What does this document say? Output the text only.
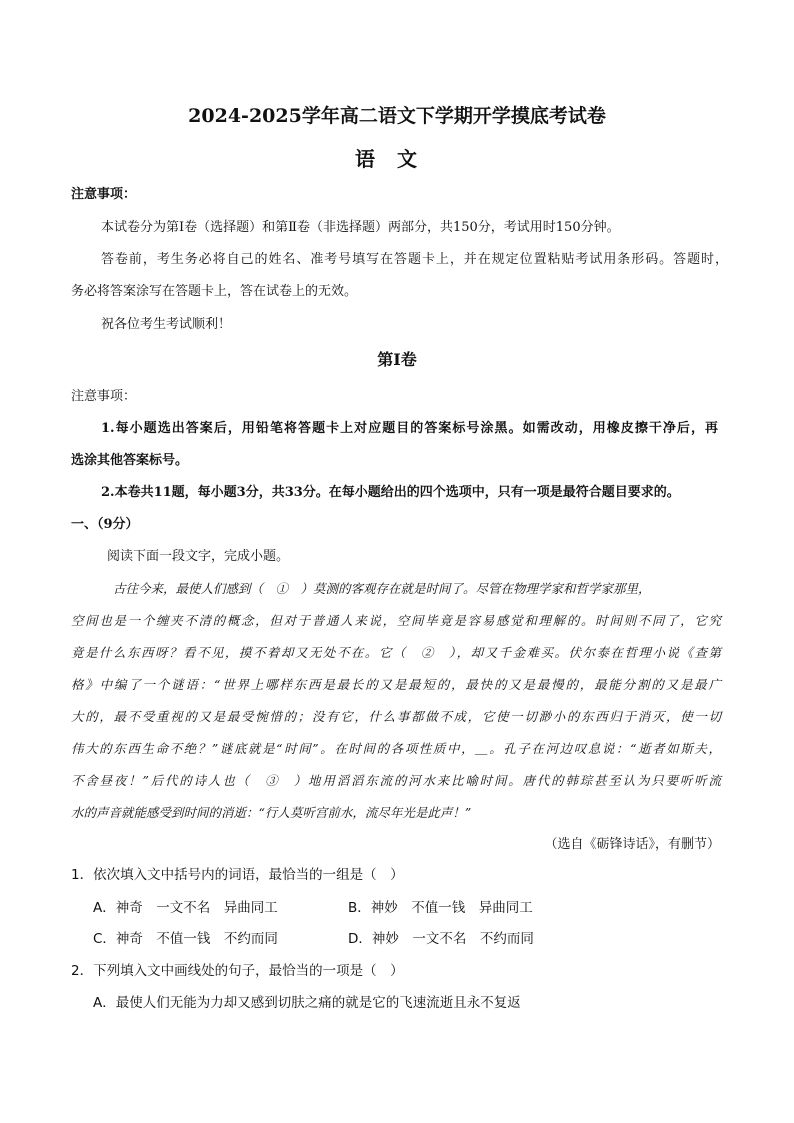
2024-2025学年高二语文下学期开学摸底考试卷
语文
注意事项：
本试卷分为第Ⅰ卷（选择题）和第Ⅱ卷（非选择题）两部分，共150分，考试用时150分钟。
答卷前，考生务必将自己的姓名、准考号填写在答题卡上，并在规定位置粘贴考试用条形码。答题时，
务必将答案涂写在答题卡上，答在试卷上的无效。
祝各位考生考试顺利！
第Ⅰ卷
注意事项：
1.每小题选出答案后，用铅笔将答题卡上对应题目的答案标号涂黑。如需改动，用橡皮擦干净后，再
选涂其他答案标号。
2.本卷共11题，每小题3分，共33分。在每小题给出的四个选项中，只有一项是最符合题目要求的。
一、（9分）
阅读下面一段文字，完成小题。
古往今来，最使人们感到（　①　）莫测的客观存在就是时间了。尽管在物理学家和哲学家那里，
空间也是一个缠夹不清的概念，但对于普通人来说，空间毕竟是容易感觉和理解的。时间则不同了，它究
竟是什么东西呀？看不见，摸不着却又无处不在。它（　②　），却又千金难买。伏尔泰在哲理小说《查第
格》中编了一个谜语：“世界上哪样东西是最长的又是最短的，最快的又是最慢的，最能分割的又是最广
大的，最不受重视的又是最受惋惜的；没有它，什么事都做不成，它使一切渺小的东西归于消灭，使一切
伟大的东西生命不绝？”谜底就是“时间”。在时间的各项性质中，＿。孔子在河边叹息说：“逝者如斯夫，
不舍昼夜！”后代的诗人也（　③　）地用滔滔东流的河水来比喻时间。唐代的韩琮甚至认为只要听听流
水的声音就能感受到时间的消逝：“行人莫听宫前水，流尽年光是此声！”
（选自《砺锋诗话》，有删节）
1．依次填入文中括号内的词语，最恰当的一组是（　）
A．神奇　一文不名　异曲同工	B．神妙　不值一钱　异曲同工
C．神奇　不值一钱　不约而同	D．神妙　一文不名　不约而同
2．下列填入文中画线处的句子，最恰当的一项是（　）
A．最使人们无能为力却又感到切肤之痛的就是它的飞速流逝且永不复返
